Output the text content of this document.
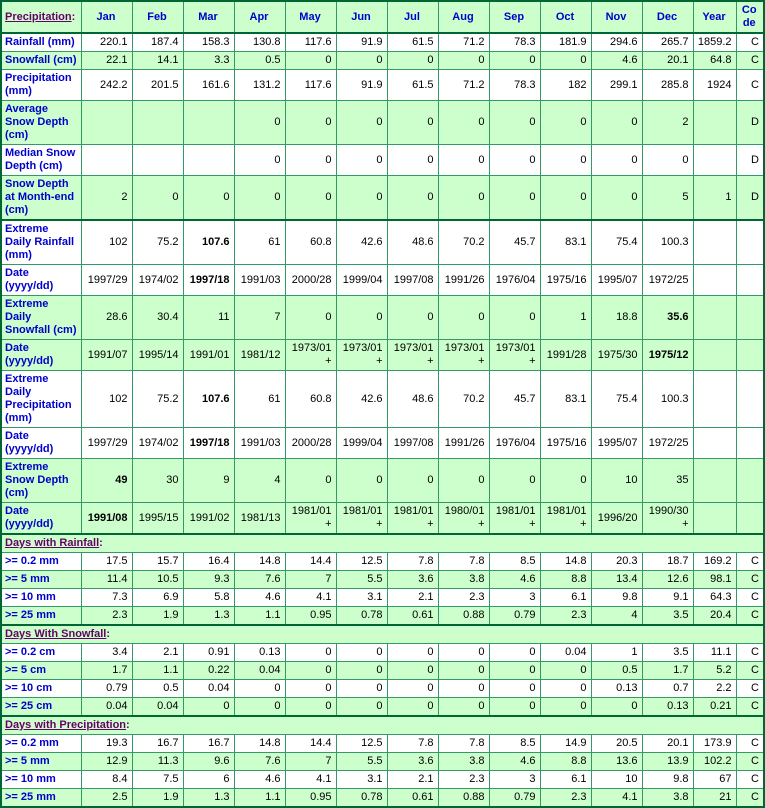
Precipitation:	Jan	Feb	Mar	Apr	May	Jun	Jul	Aug	Sep	Oct	Nov	Dec	Year	Code
Rainfall (mm)	220.1	187.4	158.3	130.8	117.6	91.9	61.5	71.2	78.3	181.9	294.6	265.7	1859.2	C
Snowfall (cm)	22.1	14.1	3.3	0.5	0	0	0	0	0	0	4.6	20.1	64.8	C
Precipitation (mm)	242.2	201.5	161.6	131.2	117.6	91.9	61.5	71.2	78.3	182	299.1	285.8	1924	C
Average Snow Depth (cm)				0	0	0	0	0	0	0	0	2		D
Median Snow Depth (cm)				0	0	0	0	0	0	0	0	0		D
Snow Depth at Month-end (cm)	2	0	0	0	0	0	0	0	0	0	0	5	1	D
Extreme Daily Rainfall (mm)	102	75.2	107.6	61	60.8	42.6	48.6	70.2	45.7	83.1	75.4	100.3		
Date (yyyy/dd)	1997/29	1974/02	1997/18	1991/03	2000/28	1999/04	1997/08	1991/26	1976/04	1975/16	1995/07	1972/25		
Extreme Daily Snowfall (cm)	28.6	30.4	11	7	0	0	0	0	0	1	18.8	35.6		
Date (yyyy/dd)	1991/07	1995/14	1991/01	1981/12	1973/01+	1973/01+	1973/01+	1973/01+	1973/01+	1991/28	1975/30	1975/12		
Extreme Daily Precipitation (mm)	102	75.2	107.6	61	60.8	42.6	48.6	70.2	45.7	83.1	75.4	100.3		
Date (yyyy/dd)	1997/29	1974/02	1997/18	1991/03	2000/28	1999/04	1997/08	1991/26	1976/04	1975/16	1995/07	1972/25		
Extreme Snow Depth (cm)	49	30	9	4	0	0	0	0	0	0	10	35		
Date (yyyy/dd)	1991/08	1995/15	1991/02	1981/13	1981/01+	1981/01+	1981/01+	1980/01+	1981/01+	1981/01+	1996/20	1990/30+		
Days with Rainfall:														
>= 0.2 mm	17.5	15.7	16.4	14.8	14.4	12.5	7.8	7.8	8.5	14.8	20.3	18.7	169.2	C
>= 5 mm	11.4	10.5	9.3	7.6	7	5.5	3.6	3.8	4.6	8.8	13.4	12.6	98.1	C
>= 10 mm	7.3	6.9	5.8	4.6	4.1	3.1	2.1	2.3	3	6.1	9.8	9.1	64.3	C
>= 25 mm	2.3	1.9	1.3	1.1	0.95	0.78	0.61	0.88	0.79	2.3	4	3.5	20.4	C
Days With Snowfall:														
>= 0.2 cm	3.4	2.1	0.91	0.13	0	0	0	0	0	0.04	1	3.5	11.1	C
>= 5 cm	1.7	1.1	0.22	0.04	0	0	0	0	0	0	0.5	1.7	5.2	C
>= 10 cm	0.79	0.5	0.04	0	0	0	0	0	0	0	0.13	0.7	2.2	C
>= 25 cm	0.04	0.04	0	0	0	0	0	0	0	0	0	0.13	0.21	C
Days with Precipitation:														
>= 0.2 mm	19.3	16.7	16.7	14.8	14.4	12.5	7.8	7.8	8.5	14.9	20.5	20.1	173.9	C
>= 5 mm	12.9	11.3	9.6	7.6	7	5.5	3.6	3.8	4.6	8.8	13.6	13.9	102.2	C
>= 10 mm	8.4	7.5	6	4.6	4.1	3.1	2.1	2.3	3	6.1	10	9.8	67	C
>= 25 mm	2.5	1.9	1.3	1.1	0.95	0.78	0.61	0.88	0.79	2.3	4.1	3.8	21	C
